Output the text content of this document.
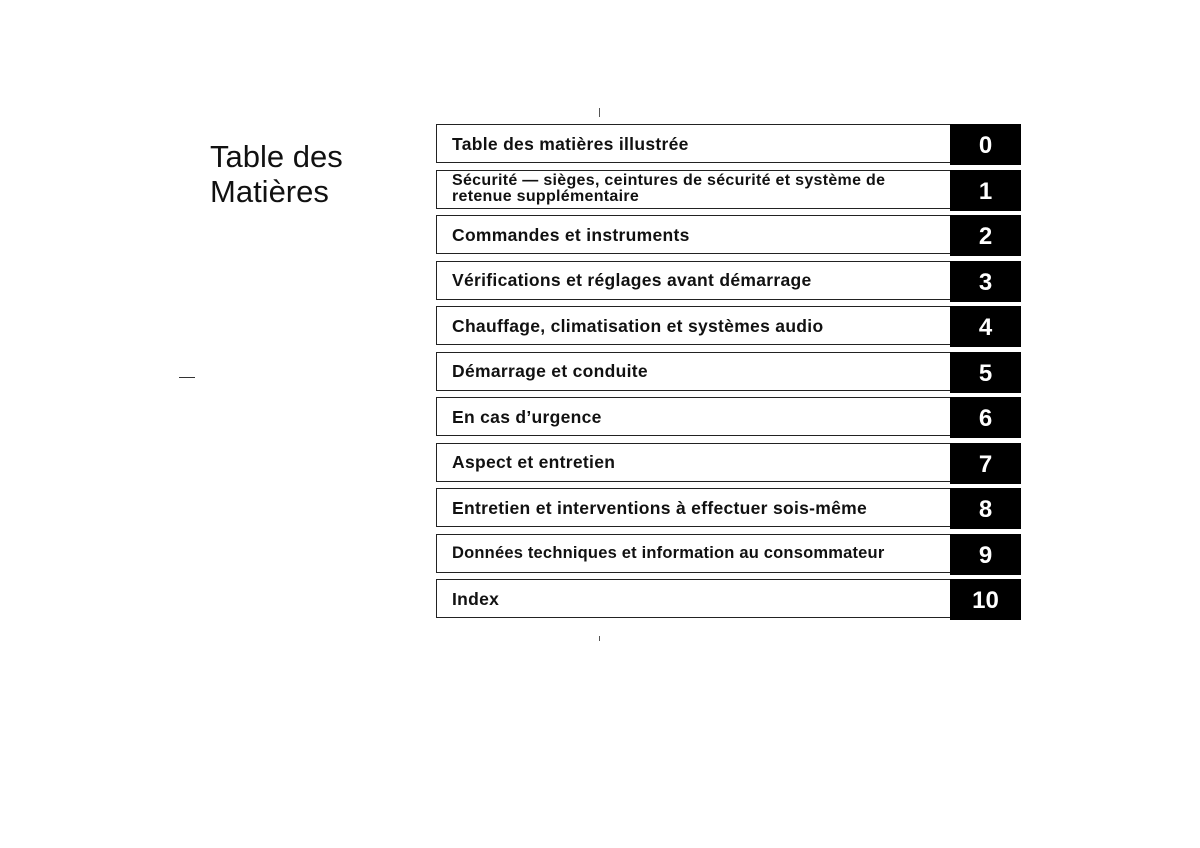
Table des
Matières
Table des matières illustrée	0
Sécurité — sièges, ceintures de sécurité et système de retenue supplémentaire	1
Commandes et instruments	2
Vérifications et réglages avant démarrage	3
Chauffage, climatisation et systèmes audio	4
Démarrage et conduite	5
En cas d’urgence	6
Aspect et entretien	7
Entretien et interventions à effectuer sois-même	8
Données techniques et information au consommateur	9
Index	10
